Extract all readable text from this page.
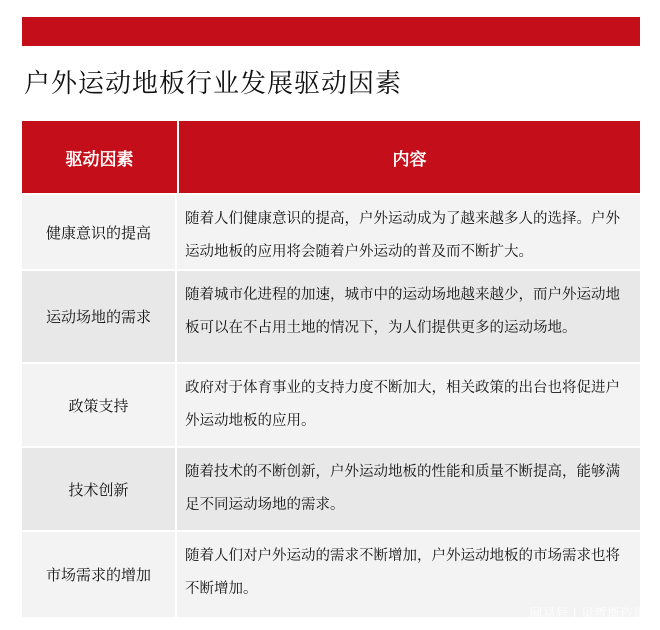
户外运动地板行业发展驱动因素
驱动因素	内容
健康意识的提高
随着人们健康意识的提高，户外运动成为了越来越多人的选择。户外运动地板的应用将会随着户外运动的普及而不断扩大。
运动场地的需求
随着城市化进程的加速，城市中的运动场地越来越少，而户外运动地板可以在不占用土地的情况下，为人们提供更多的运动场地。
政策支持
政府对于体育事业的支持力度不断加大，相关政策的出台也将促进户外运动地板的应用。
技术创新
随着技术的不断创新，户外运动地板的性能和质量不断提高，能够满足不同运动场地的需求。
市场需求的增加
随着人们对户外运动的需求不断增加，户外运动地板的市场需求也将不断增加。
网易号 | 贝哲斯咨询
